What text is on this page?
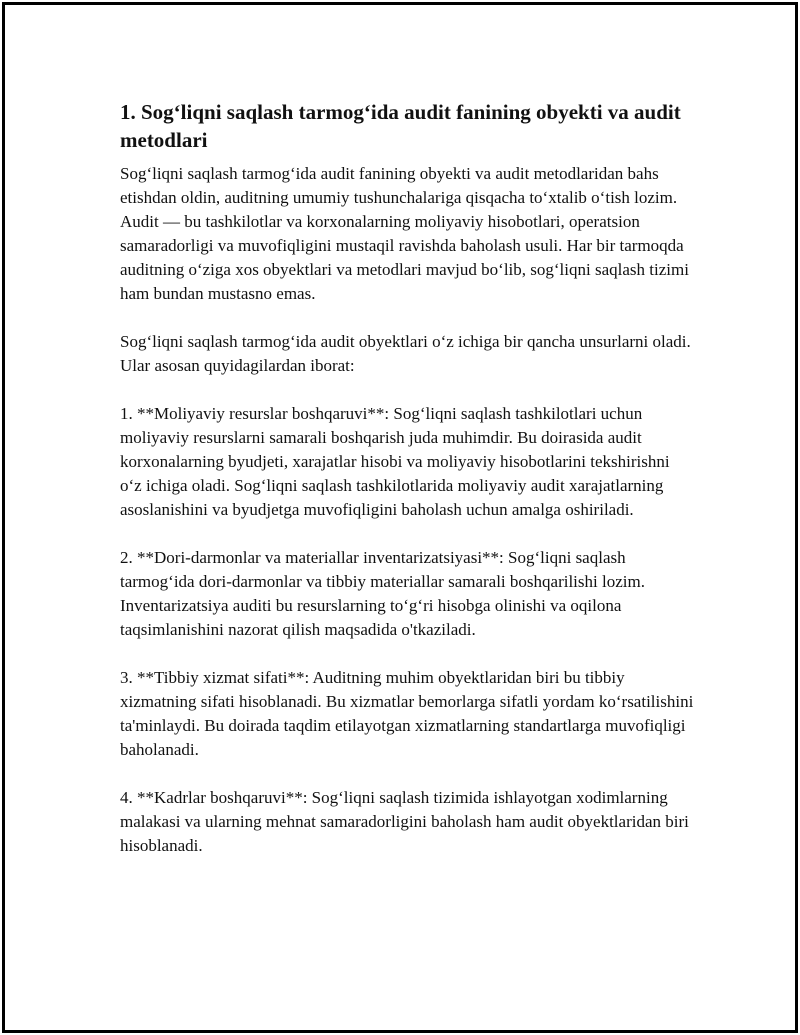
1. Sog‘liqni saqlash tarmog‘ida audit fanining obyekti va audit metodlari

Sog‘liqni saqlash tarmog‘ida audit fanining obyekti va audit metodlaridan bahs etishdan oldin, auditning umumiy tushunchalariga qisqacha to‘xtalib o‘tish lozim. Audit — bu tashkilotlar va korxonalarning moliyaviy hisobotlari, operatsion samaradorligi va muvofiqligini mustaqil ravishda baholash usuli. Har bir tarmoqda auditning o‘ziga xos obyektlari va metodlari mavjud bo‘lib, sog‘liqni saqlash tizimi ham bundan mustasno emas.

Sog‘liqni saqlash tarmog‘ida audit obyektlari o‘z ichiga bir qancha unsurlarni oladi. Ular asosan quyidagilardan iborat:

1. **Moliyaviy resurslar boshqaruvi**: Sog‘liqni saqlash tashkilotlari uchun moliyaviy resurslarni samarali boshqarish juda muhimdir. Bu doirasida audit korxonalarning byudjeti, xarajatlar hisobi va moliyaviy hisobotlarini tekshirishni o‘z ichiga oladi. Sog‘liqni saqlash tashkilotlarida moliyaviy audit xarajatlarning asoslanishini va byudjetga muvofiqligini baholash uchun amalga oshiriladi.

2. **Dori-darmonlar va materiallar inventarizatsiyasi**: Sog‘liqni saqlash tarmog‘ida dori-darmonlar va tibbiy materiallar samarali boshqarilishi lozim. Inventarizatsiya auditi bu resurslarning to‘g‘ri hisobga olinishi va oqilona taqsimlanishini nazorat qilish maqsadida o'tkaziladi.

3. **Tibbiy xizmat sifati**: Auditning muhim obyektlaridan biri bu tibbiy xizmatning sifati hisoblanadi. Bu xizmatlar bemorlarga sifatli yordam ko‘rsatilishini ta'minlaydi. Bu doirada taqdim etilayotgan xizmatlarning standartlarga muvofiqligi baholanadi.

4. **Kadrlar boshqaruvi**: Sog‘liqni saqlash tizimida ishlayotgan xodimlarning malakasi va ularning mehnat samaradorligini baholash ham audit obyektlaridan biri hisoblanadi.
